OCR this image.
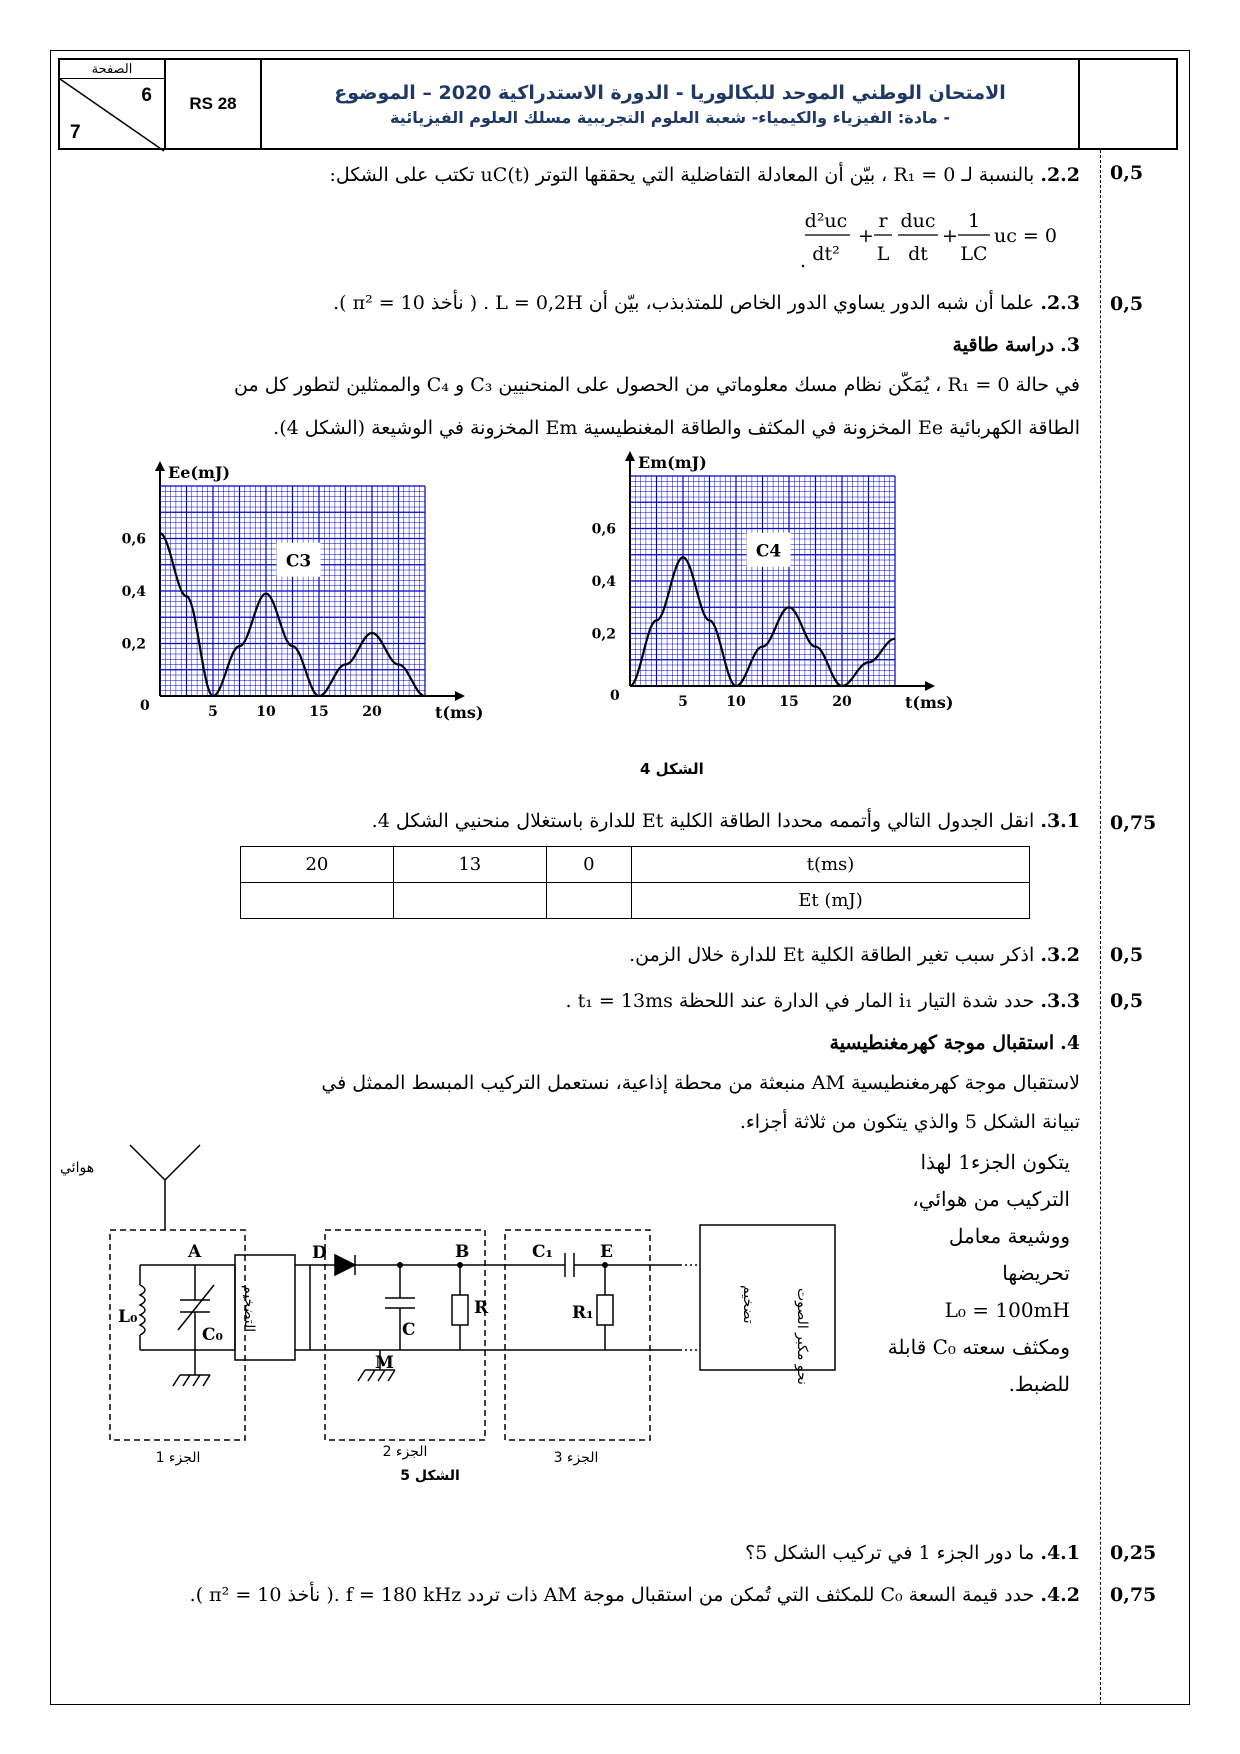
الصفحة
6
7
RS 28	الامتحان الوطني الموحد للبكالوريا - الدورة الاستدراكية 2020 – الموضوع
- مادة: الفيزياء والكيمياء- شعبة العلوم التجريبية مسلك العلوم الفيزيائية
2.2. بالنسبة لـ R₁ = 0 ، بيّن أن المعادلة التفاضلية التي يحققها التوتر uC(t) تكتب على الشكل:	0,5
d²uc
dt²
+
r
L
duc
dt
+
1
LC
uc = 0
.
2.3. علما أن شبه الدور يساوي الدور الخاص للمتذبذب، بيّن أن L = 0,2H . ( نأخذ π² = 10 ).	0,5
3. دراسة طاقية
في حالة R₁ = 0 ، يُمَكّن نظام مسك معلوماتي من الحصول على المنحنيين C₃ و C₄ والممثلين لتطور كل من
الطاقة الكهربائية Ee المخزونة في المكثف والطاقة المغنطيسية Em المخزونة في الوشيعة (الشكل 4).
C3
Ee(mJ)
t(ms)
0,6
0,4
0,2
0	5	10 15 20
C4
Em(mJ)
t(ms)
0,6
0,4
0,2
0	5	10 15 20
الشكل 4
3.1. انقل الجدول التالي وأتممه محددا الطاقة الكلية Et للدارة باستغلال منحنيي الشكل 4.	0,75
20	13	0	t(ms)
			Et (mJ)
3.2. اذكر سبب تغير الطاقة الكلية Et للدارة خلال الزمن.	0,5
3.3. حدد شدة التيار i₁ المار في الدارة عند اللحظة t₁ = 13ms .	0,5
4. استقبال موجة كهرمغنطيسية
لاستقبال موجة كهرمغنطيسية AM منبعثة من محطة إذاعية، نستعمل التركيب المبسط الممثل في
تبيانة الشكل 5 والذي يتكون من ثلاثة أجزاء.
يتكون الجزء1 لهذا
التركيب من هوائي،
ووشيعة معامل
تحريضها
L₀ = 100mH
ومكثف سعته C₀ قابلة
للضبط.
هوائي
الجزء 1	الجزء 2	الجزء 3
الشكل 5
التضخيم	تضخيم	نحو مكبر الصوت
A
L₀
C₀
D
C
B
R
M
C₁	E
R₁
4.1. ما دور الجزء 1 في تركيب الشكل 5؟	0,25
4.2. حدد قيمة السعة C₀ للمكثف التي تُمكن من استقبال موجة AM ذات تردد f = 180 kHz .( نأخذ π² = 10 ).	0,75
